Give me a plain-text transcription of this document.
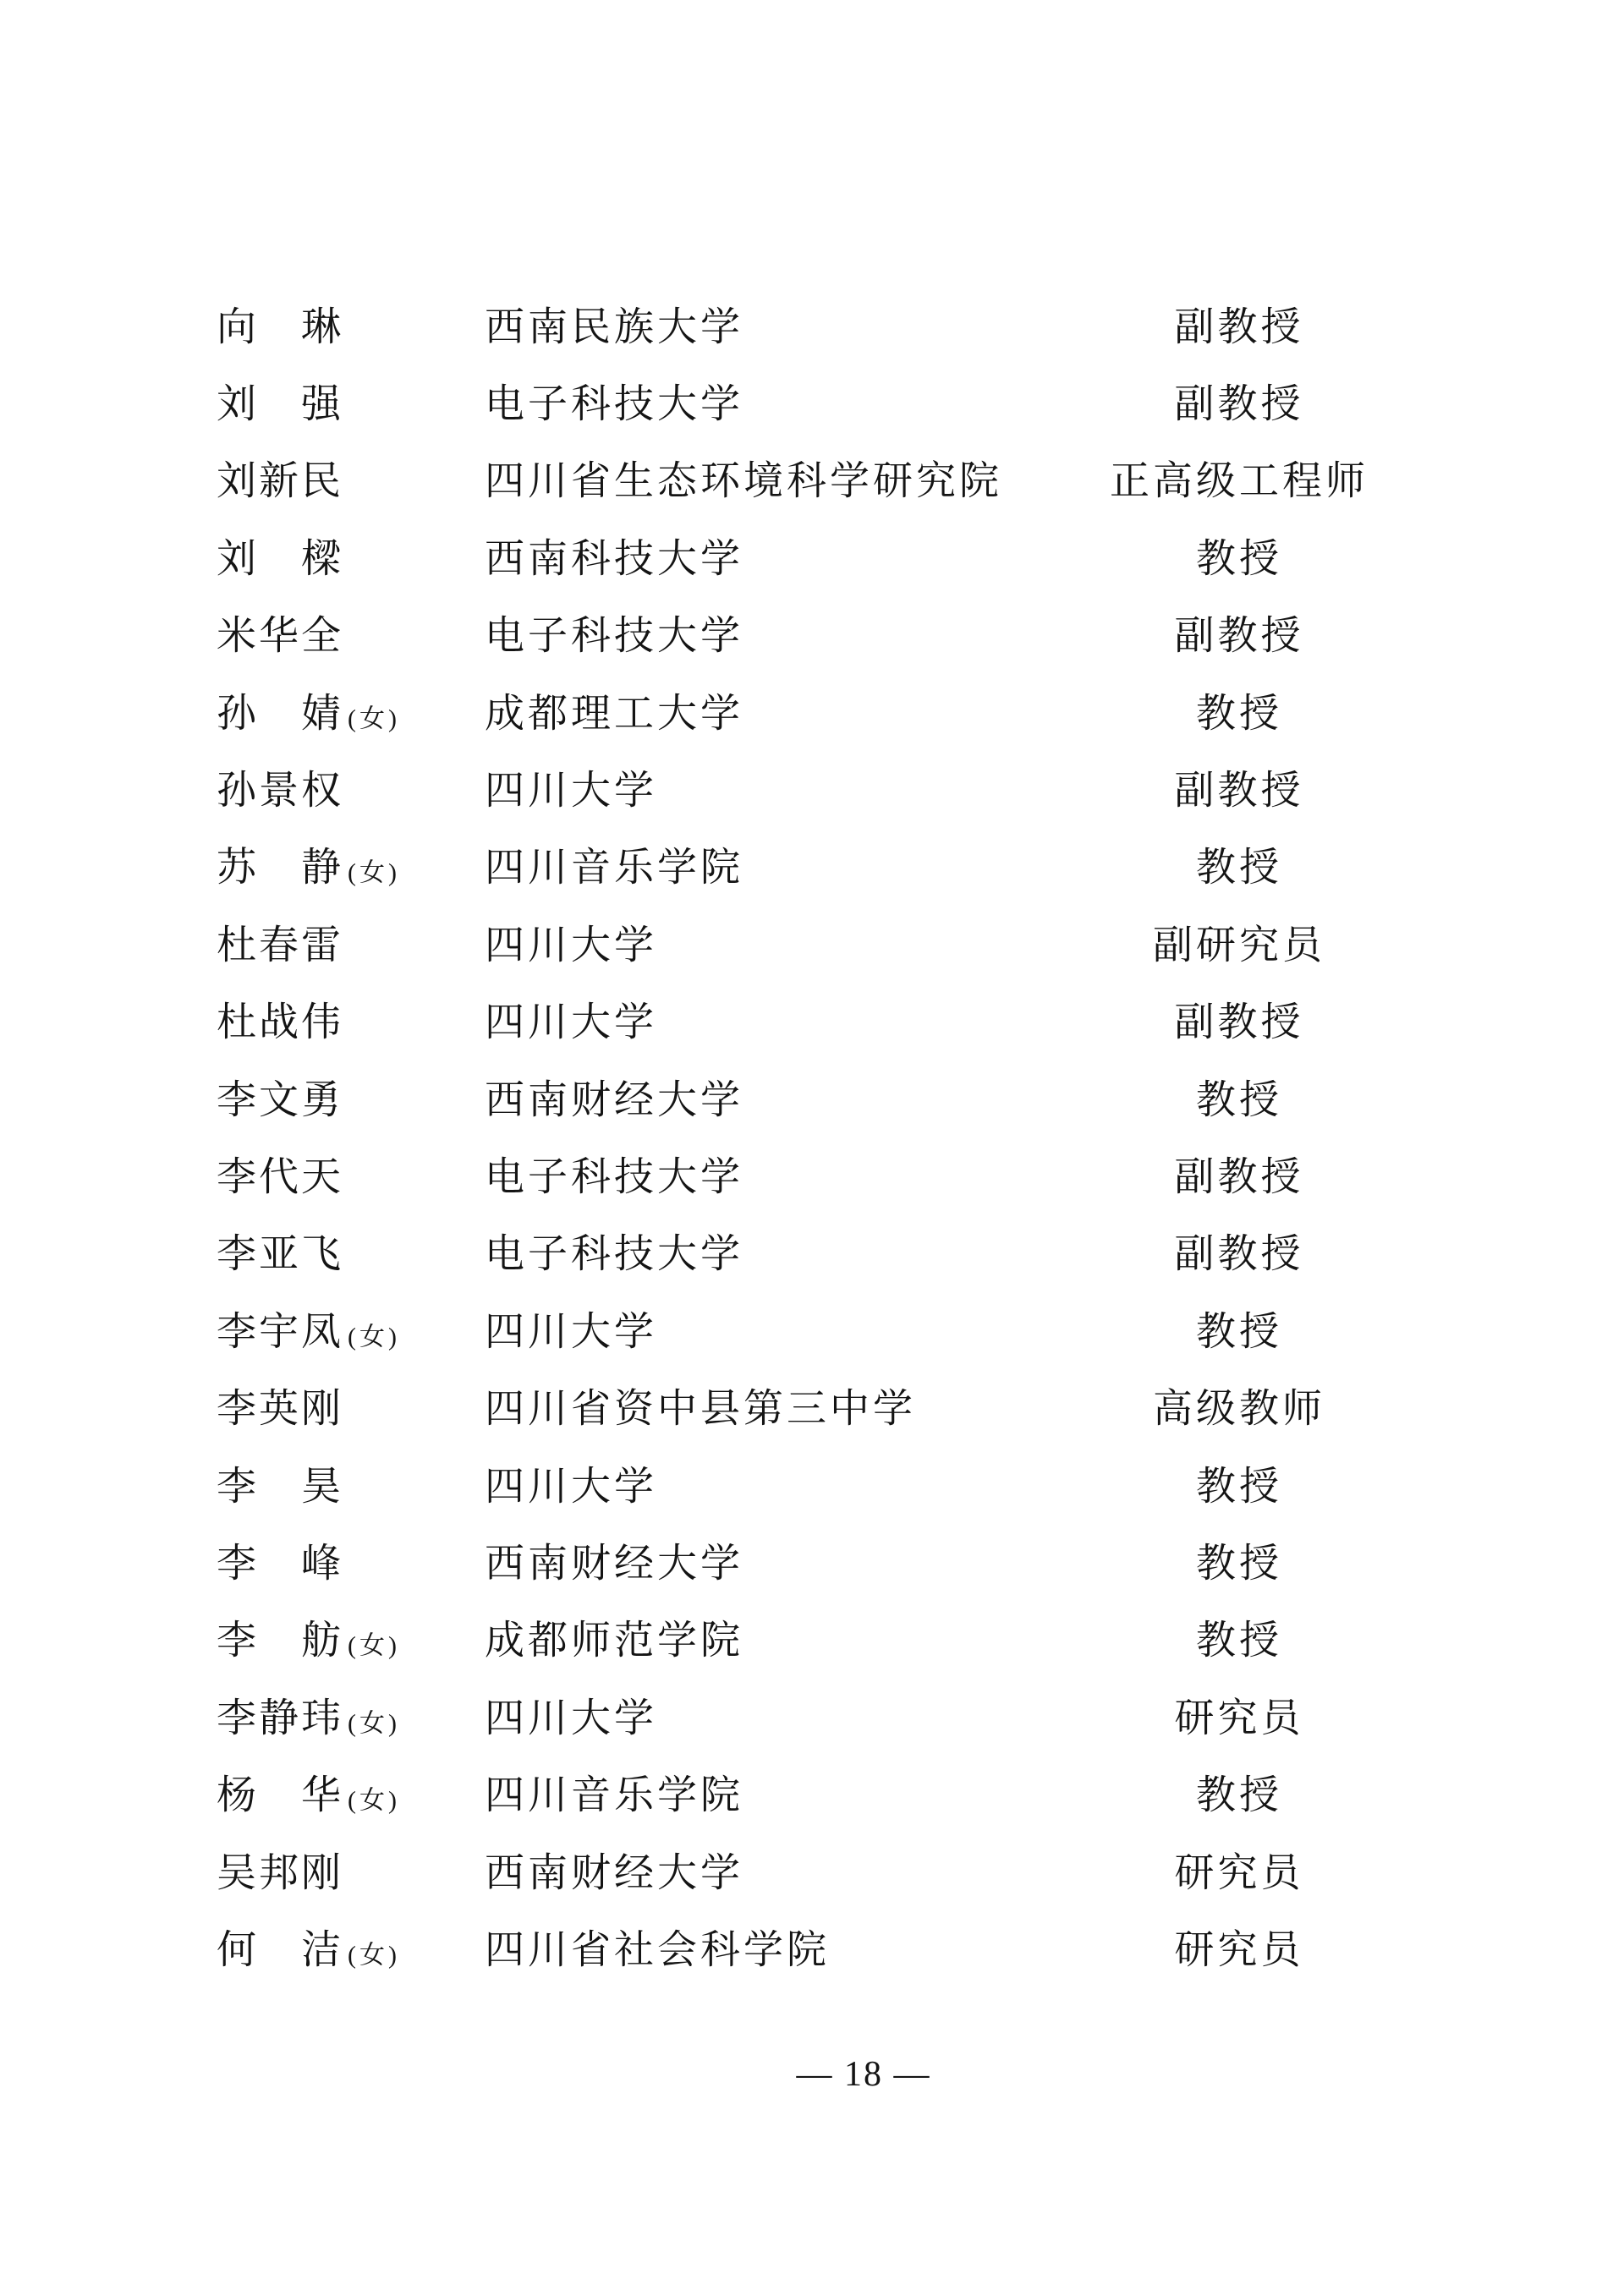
向 琳	西南民族大学	副教授
刘 强	电子科技大学	副教授
刘 新 民	四川省生态环境科学研究院	正高级工程师
刘 樑	西南科技大学	教授
米 华 全	电子科技大学	副教授
孙 婧 (女) 成都理工大学	教授
孙 景 权	四川大学	副教授
苏 静 (女) 四川音乐学院	教授
杜 春 雷	四川大学	副研究员
杜 战 伟	四川大学	副教授
李 文 勇	西南财经大学	教授
李 代 天	电子科技大学	副教授
李 亚 飞	电子科技大学	副教授
李 宇 凤 (女) 四川大学	教授
李 英 刚	四川省资中县第三中学	高级教师
李 昊	四川大学	教授
李 峰	西南财经大学	教授
李 舫 (女) 成都师范学院	教授
李 静 玮 (女) 四川大学	研究员
杨 华 (女) 四川音乐学院	教授
吴 邦 刚	西南财经大学	研究员
何 洁 (女) 四川省社会科学院	研究员
— 18 —
